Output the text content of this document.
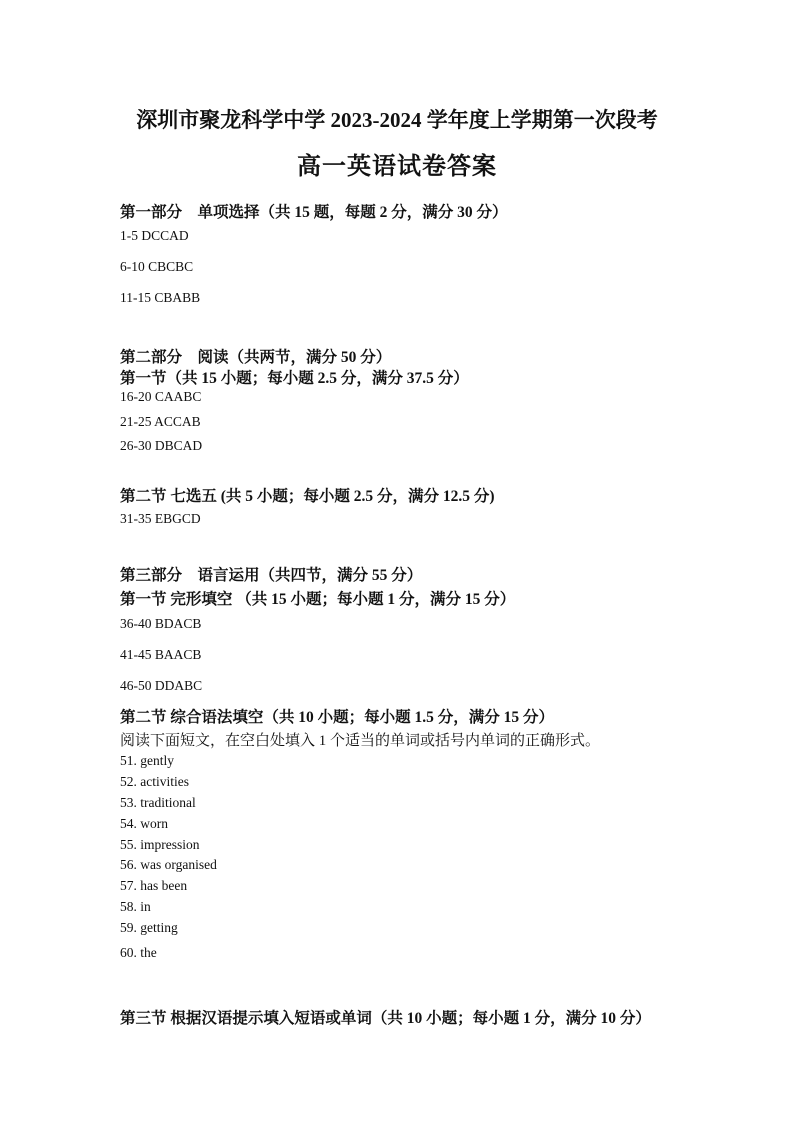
深圳市聚龙科学中学 2023-2024 学年度上学期第一次段考
高一英语试卷答案
第一部分　单项选择（共 15 题，每题 2 分，满分 30 分）
1-5 DCCAD
6-10 CBCBC
11-15 CBABB
第二部分　阅读（共两节，满分 50 分）
第一节（共 15 小题；每小题 2.5 分，满分 37.5 分）
16-20 CAABC
21-25 ACCAB
26-30 DBCAD
第二节 七选五 (共 5 小题；每小题 2.5 分，满分 12.5 分)
31-35 EBGCD
第三部分　语言运用（共四节，满分 55 分）
第一节 完形填空 （共 15 小题；每小题 1 分，满分 15 分）
36-40 BDACB
41-45 BAACB
46-50 DDABC
第二节 综合语法填空（共 10 小题；每小题 1.5 分，满分 15 分）
阅读下面短文，在空白处填入 1 个适当的单词或括号内单词的正确形式。
51. gently
52. activities
53. traditional
54. worn
55. impression
56. was organised
57. has been
58. in
59. getting
60. the
第三节 根据汉语提示填入短语或单词（共 10 小题；每小题 1 分，满分 10 分）
